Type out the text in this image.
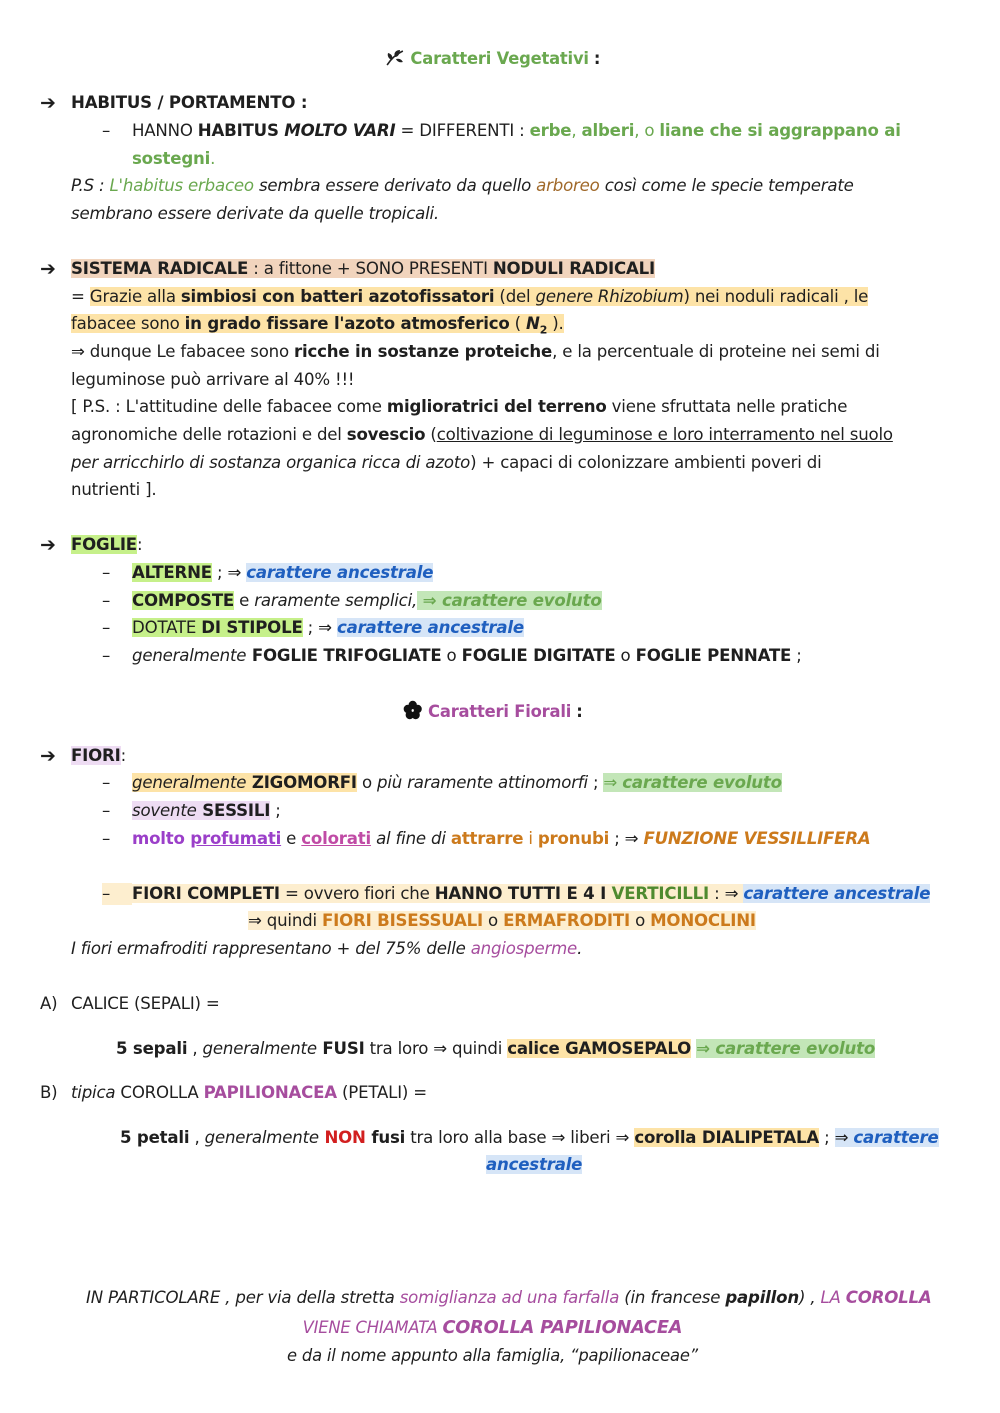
Caratteri Vegetativi :
➔ HABITUS / PORTAMENTO :
– HANNO HABITUS MOLTO VARI = DIFFERENTI : erbe, alberi, o liane che si aggrappano ai
sostegni.
P.S : L'habitus erbaceo sembra essere derivato da quello arboreo così come le specie temperate
sembrano essere derivate da quelle tropicali.
➔ SISTEMA RADICALE : a fittone + SONO PRESENTI NODULI RADICALI
= Grazie alla simbiosi con batteri azotofissatori (del genere Rhizobium) nei noduli radicali , le
fabacee sono in grado fissare l'azoto atmosferico ( $N_2$ ).
⇒ dunque Le fabacee sono ricche in sostanze proteiche, e la percentuale di proteine nei semi di
leguminose può arrivare al 40% !!!
[ P.S. : L'attitudine delle fabacee come miglioratrici del terreno viene sfruttata nelle pratiche
agronomiche delle rotazioni e del sovescio (coltivazione di leguminose e loro interramento nel suolo
per arricchirlo di sostanza organica ricca di azoto) + capaci di colonizzare ambienti poveri di
nutrienti ].
➔ FOGLIE:
– ALTERNE ; ⇒ carattere ancestrale
– COMPOSTE e raramente semplici, ⇒ carattere evoluto
– DOTATE DI STIPOLE ; ⇒ carattere ancestrale
– generalmente FOGLIE TRIFOGLIATE o FOGLIE DIGITATE o FOGLIE PENNATE ;
Caratteri Fiorali :
➔ FIORI:
– generalmente ZIGOMORFI o più raramente attinomorfi ; ⇒ carattere evoluto
– sovente SESSILI ;
– molto profumati e colorati al fine di attrarre i pronubi ; ⇒ FUNZIONE VESSILLIFERA
–	FIORI COMPLETI = ovvero fiori che HANNO TUTTI E 4 I VERTICILLI : ⇒ carattere ancestrale
⇒ quindi FIORI BISESSUALI o ERMAFRODITI o MONOCLINI
I fiori ermafroditi rappresentano + del 75% delle angiosperme.
A) CALICE (SEPALI) =
5 sepali , generalmente FUSI tra loro ⇒ quindi calice GAMOSEPALO ⇒ carattere evoluto
B) tipica COROLLA PAPILIONACEA (PETALI) =
5 petali , generalmente NON fusi tra loro alla base ⇒ liberi ⇒ corolla DIALIPETALA ; ⇒ carattere
ancestrale
IN PARTICOLARE , per via della stretta somiglianza ad una farfalla (in francese papillon) , LA COROLLA
VIENE CHIAMATA COROLLA PAPILIONACEA
e da il nome appunto alla famiglia, “papilionaceae”
